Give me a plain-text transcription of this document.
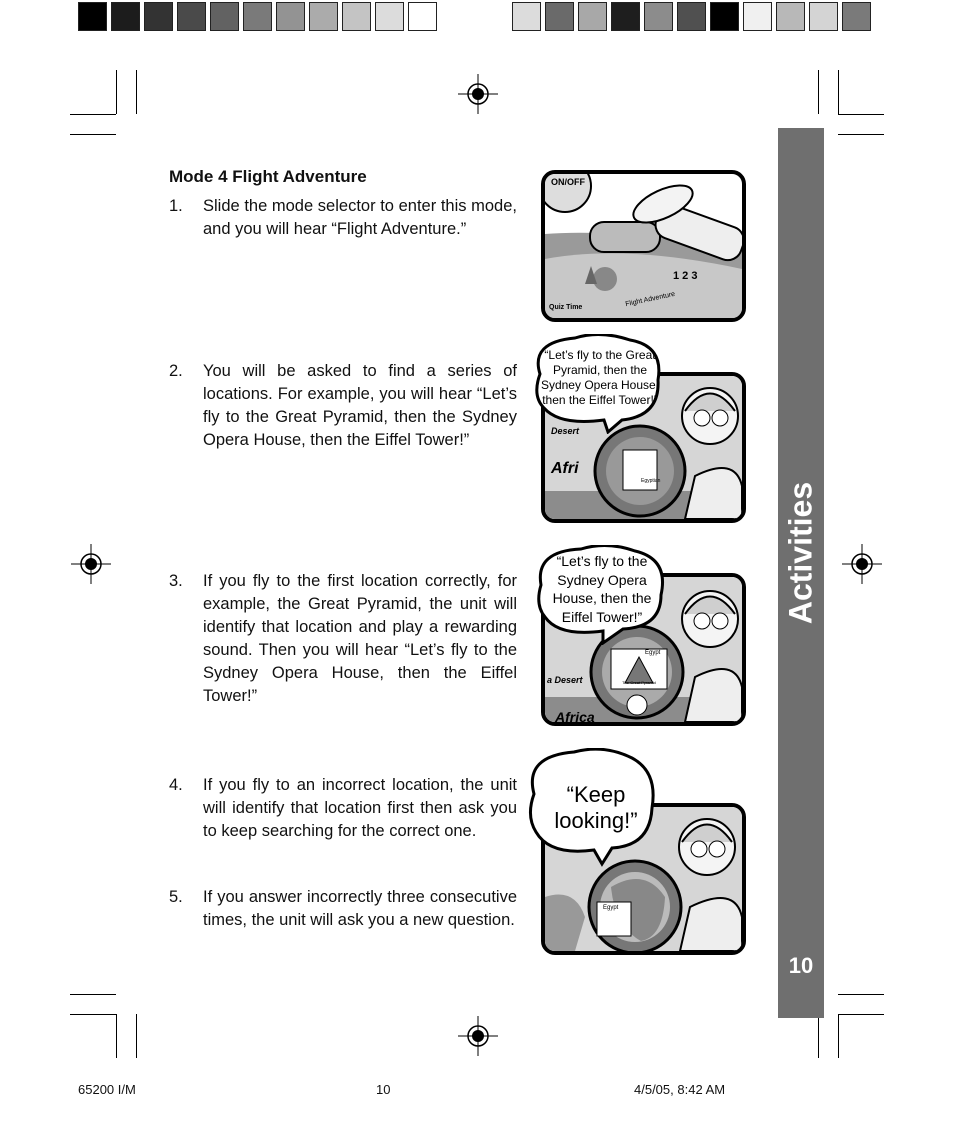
Mode 4 Flight Adventure
1. Slide the mode selector to enter this mode, and you will hear “Flight Adventure.”
2. You will be asked to find a series of locations. For example, you will hear “Let’s fly to the Great Pyramid, then the Sydney Opera House, then the Eiffel Tower!”
3. If you fly to the first location correctly, for example, the Great Pyramid, the unit will identify that location and play a rewarding sound. Then you will hear “Let’s fly to the Sydney Opera House, then the Eiffel Tower!”
4. If you fly to an incorrect location, the unit will identify that location first then ask you to keep searching for the correct one.
5. If you answer incorrectly three consecutive times, the unit will ask you a new question.
ON/OFF
Quiz Time	Flight Adventure
1 2 3
Desert
Afri
Egyptian
“Let’s fly to the Great Pyramid, then the Sydney Opera House, then the Eiffel Tower!”
a Desert
Africa
Egypt
The Great Pyramid
“Let’s fly to the Sydney Opera House, then the Eiffel Tower!”
Egypt
“Keep looking!”
Activities
10
65200 I/M	10	4/5/05, 8:42 AM
